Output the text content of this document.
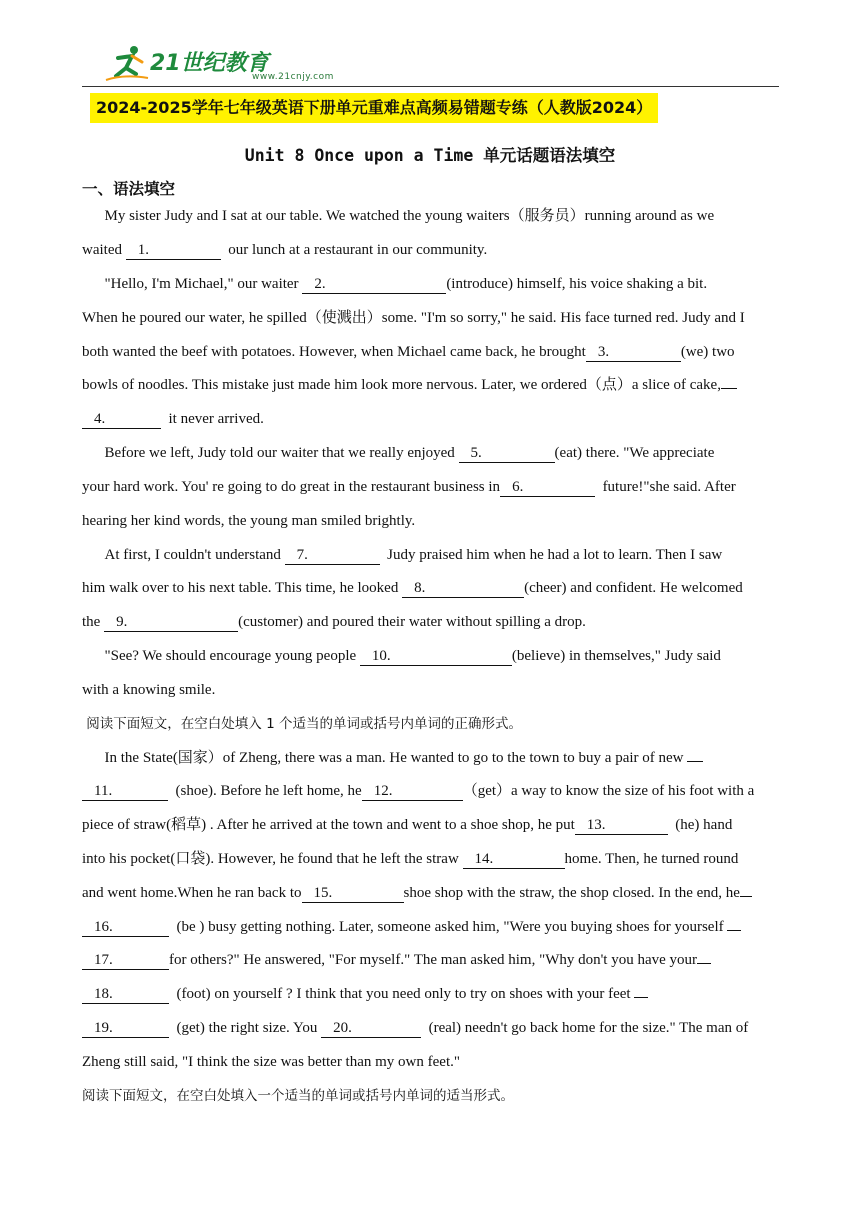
21世纪教育
www.21cnjy.com
2024-2025学年七年级英语下册单元重难点高频易错题专练（人教版2024）
Unit 8 Once upon a Time 单元话题语法填空
一、语法填空
My sister Judy and I sat at our table. We watched the young waiters（服务员）running around as we
waited 1.	our lunch at a restaurant in our community.
"Hello, I'm Michael," our waiter 2.	(introduce) himself, his voice shaking a bit.
When he poured our water, he spilled（使溅出）some. "I'm so sorry," he said. His face turned red. Judy and I
both wanted the beef with potatoes. However, when Michael came back, he brought 3.	(we) two
bowls of noodles. This mistake just made him look more nervous. Later, we ordered（点）a slice of cake,
4.	it never arrived.
Before we left, Judy told our waiter that we really enjoyed 5.	(eat) there. "We appreciate
your hard work. You' re going to do great in the restaurant business in 6.	future!"she said. After
hearing her kind words, the young man smiled brightly.
At first, I couldn't understand 7.	Judy praised him when he had a lot to learn. Then I saw
him walk over to his next table. This time, he looked 8.	(cheer) and confident. He welcomed
the 9.	(customer) and poured their water without spilling a drop.
"See? We should encourage young people 10.	(believe) in themselves," Judy said
with a knowing smile.
阅读下面短文，在空白处填入 1 个适当的单词或括号内单词的正确形式。
In the State(国家）of Zheng, there was a man. He wanted to go to the town to buy a pair of new
11.	(shoe). Before he left home, he 12.	（get）a way to know the size of his foot with a
piece of straw(稻草) . After he arrived at the town and went to a shoe shop, he put 13.	(he) hand
into his pocket(口袋). However, he found that he left the straw 14.	home. Then, he turned round
and went home.When he ran back to 15.	shoe shop with the straw, the shop closed. In the end, he
16.	(be ) busy getting nothing. Later, someone asked him, "Were you buying shoes for yourself
17.	for others?" He answered, "For myself." The man asked him, "Why don't you have your
18.	(foot) on yourself ? I think that you need only to try on shoes with your feet
19.	(get) the right size. You 20.	(real) needn't go back home for the size." The man of
Zheng still said, "I think the size was better than my own feet."
阅读下面短文，在空白处填入一个适当的单词或括号内单词的适当形式。
